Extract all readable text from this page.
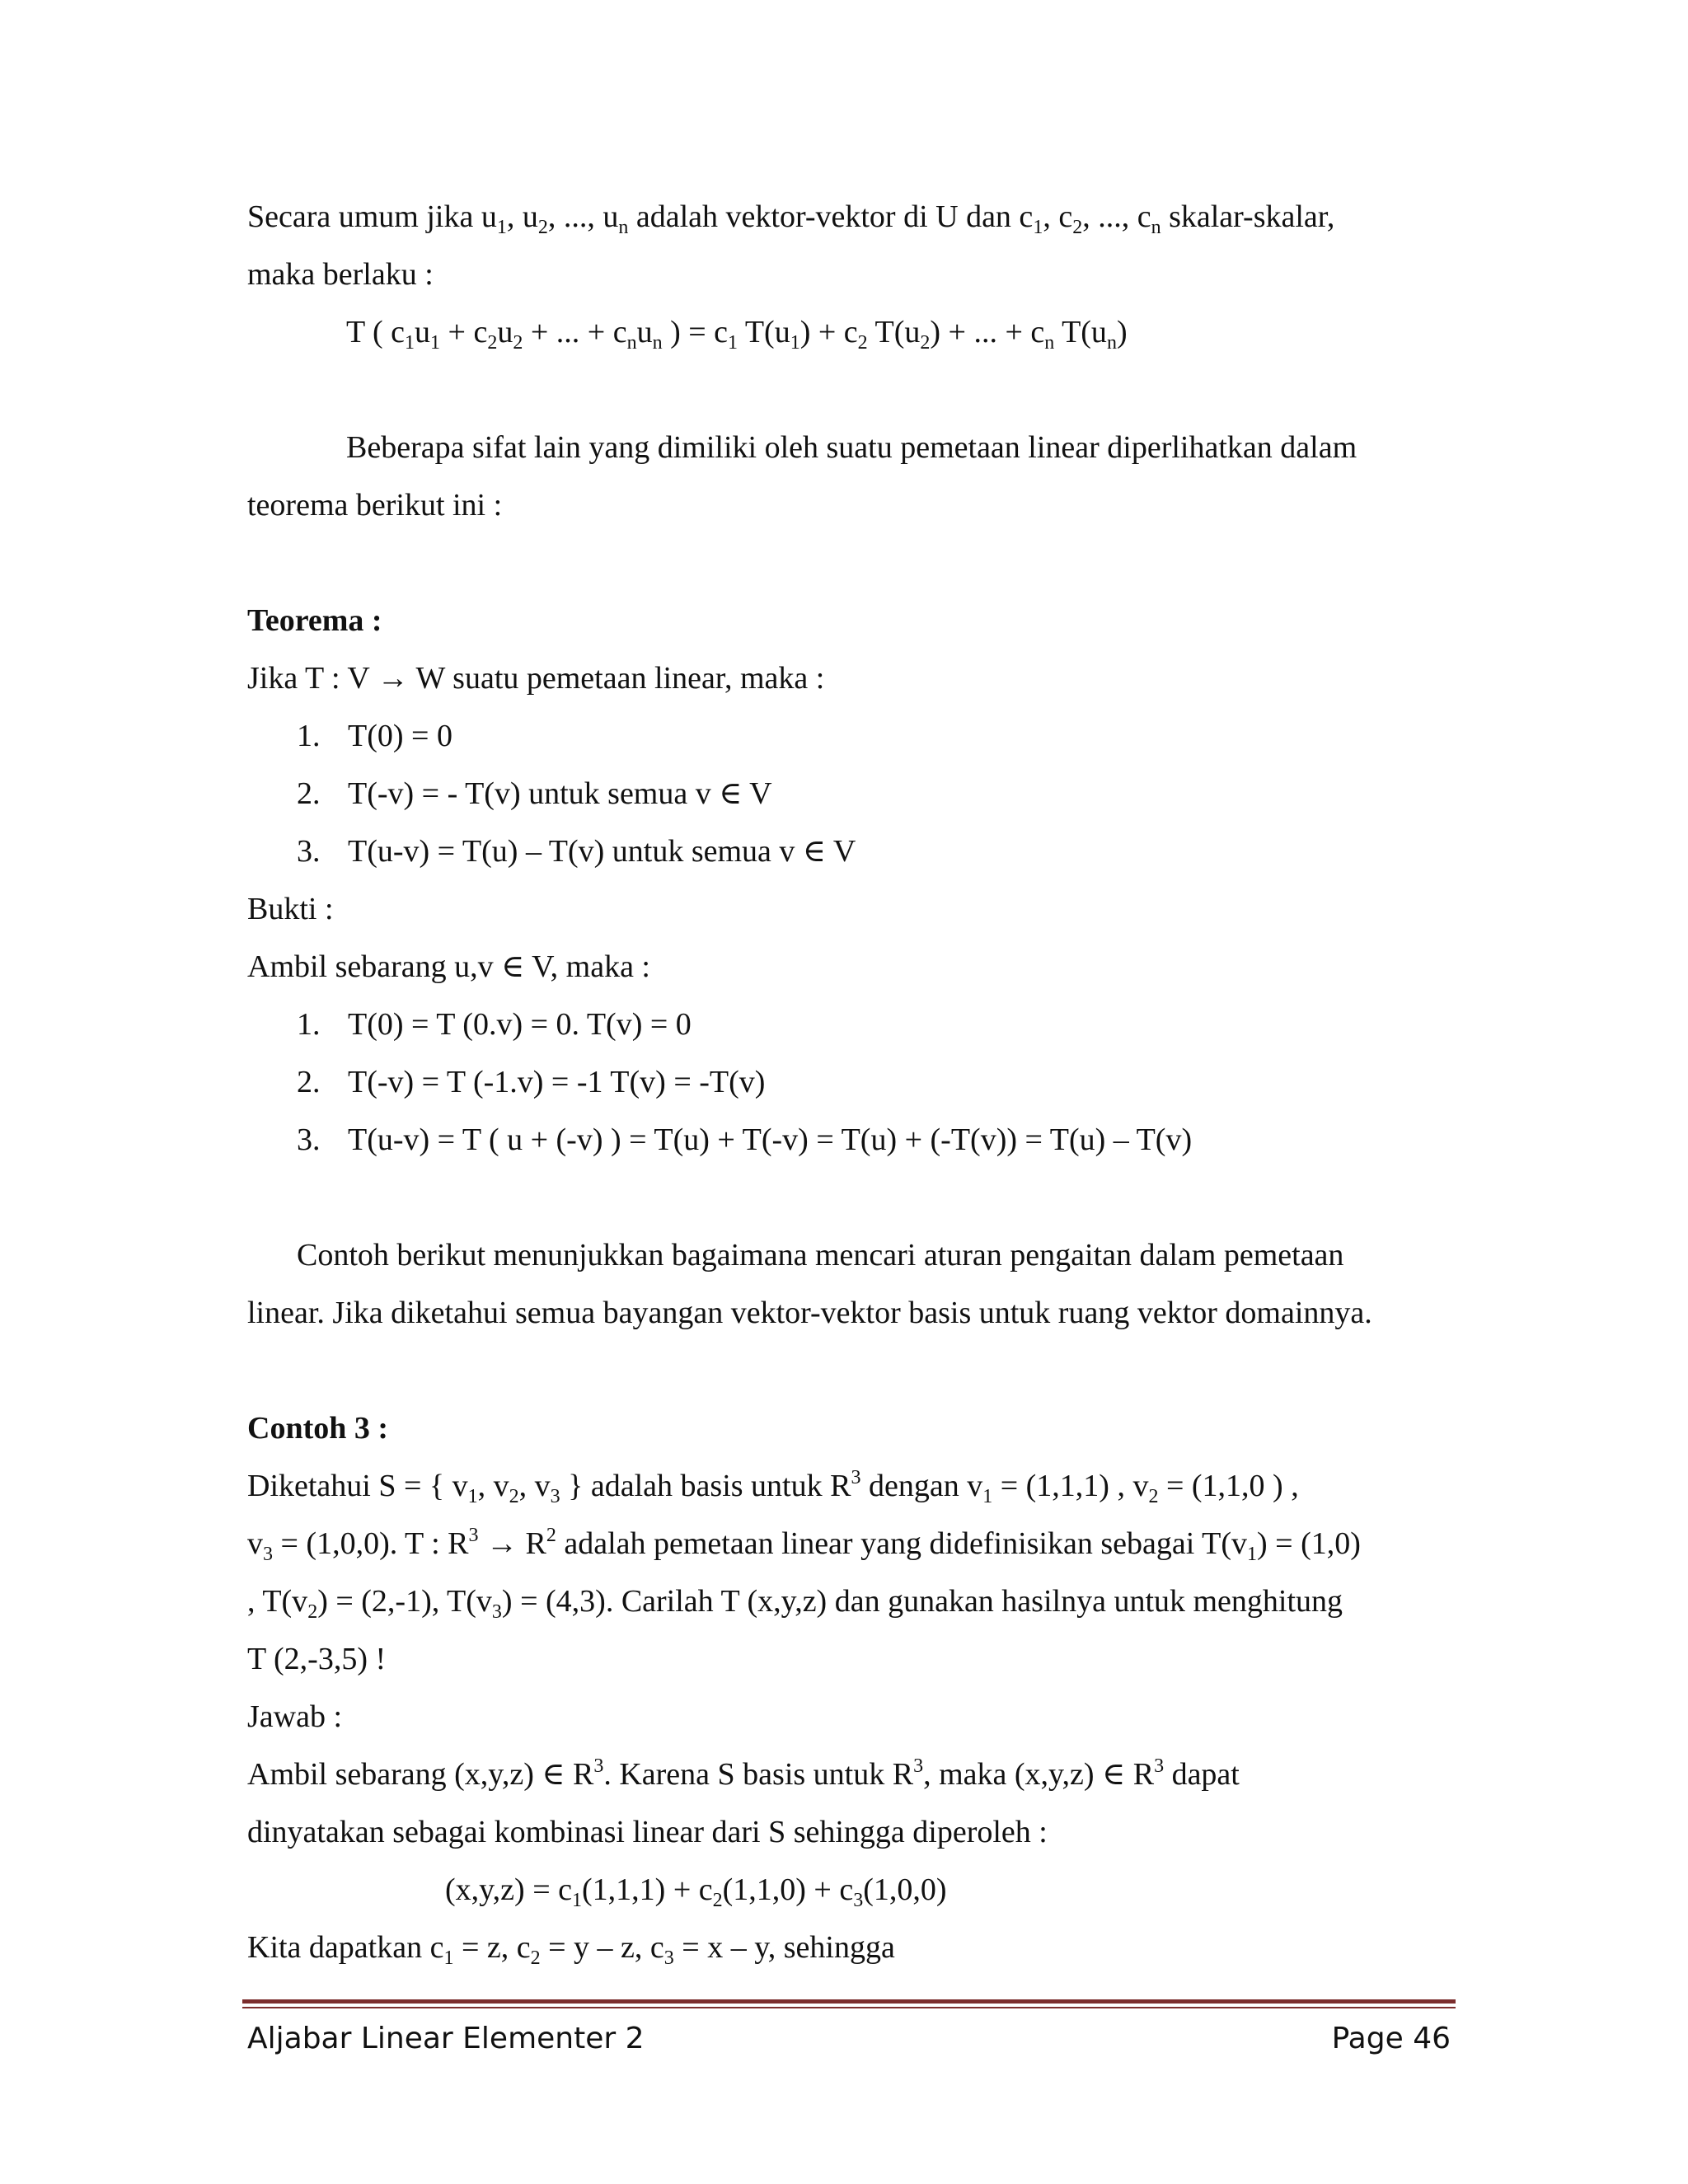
Secara umum jika $u_1$, $u_2$, ..., $u_n$ adalah vektor-vektor di U dan $c_1$, $c_2$, ..., $c_n$ skalar-skalar,
maka berlaku :
T ( $c_1u_1 + c_2u_2$ + ... + $c_nu_n$ ) = $c_1$ $T(u_1) + c_2$ $T(u_2)$ + ... + $c_n$ $T(u_n)$
Beberapa sifat lain yang dimiliki oleh suatu pemetaan linear diperlihatkan dalam
teorema berikut ini :
Teorema :
Jika T : V → W suatu pemetaan linear, maka :
1. T(0) = 0
2. T(-v) = - T(v) untuk semua v ∈ V
3. T(u-v) = T(u) – T(v) untuk semua v ∈ V
Bukti :
Ambil sebarang u,v ∈ V, maka :
1. T(0) = T (0.v) = 0. T(v) = 0
2. T(-v) = T (-1.v) = -1 T(v) = -T(v)
3. T(u-v) = T ( u + (-v) ) = T(u) + T(-v) = T(u) + (-T(v)) = T(u) – T(v)
Contoh berikut menunjukkan bagaimana mencari aturan pengaitan dalam pemetaan
linear. Jika diketahui semua bayangan vektor-vektor basis untuk ruang vektor domainnya.
Contoh 3 :
Diketahui S = { $v_1$, $v_2$, $v_3$ } adalah basis untuk $R^3$ dengan $v_1 = (1,1,1)$ , $v_2 = (1,1,0$ ) ,
$v_3 = (1,0,0)$. T : $R^3 \to R^2$ adalah pemetaan linear yang didefinisikan sebagai $T(v_1) = (1,0)$
, $T(v_2) = (2,-1)$, $T(v_3) = (4,3)$. Carilah T (x,y,z) dan gunakan hasilnya untuk menghitung
T (2,-3,5) !
Jawab :
Ambil sebarang (x,y,z) ∈ $R^3$. Karena S basis untuk $R^3$, maka (x,y,z) ∈ $R^3$ dapat
dinyatakan sebagai kombinasi linear dari S sehingga diperoleh :
$(x,y,z) = c_1(1,1,1) + c_2(1,1,0) + c_3(1,0,0)$
Kita dapatkan $c_1 = z$, $c_2 = y - z$, $c_3 = x - y$, sehingga
Aljabar Linear Elementer 2	Page 46
